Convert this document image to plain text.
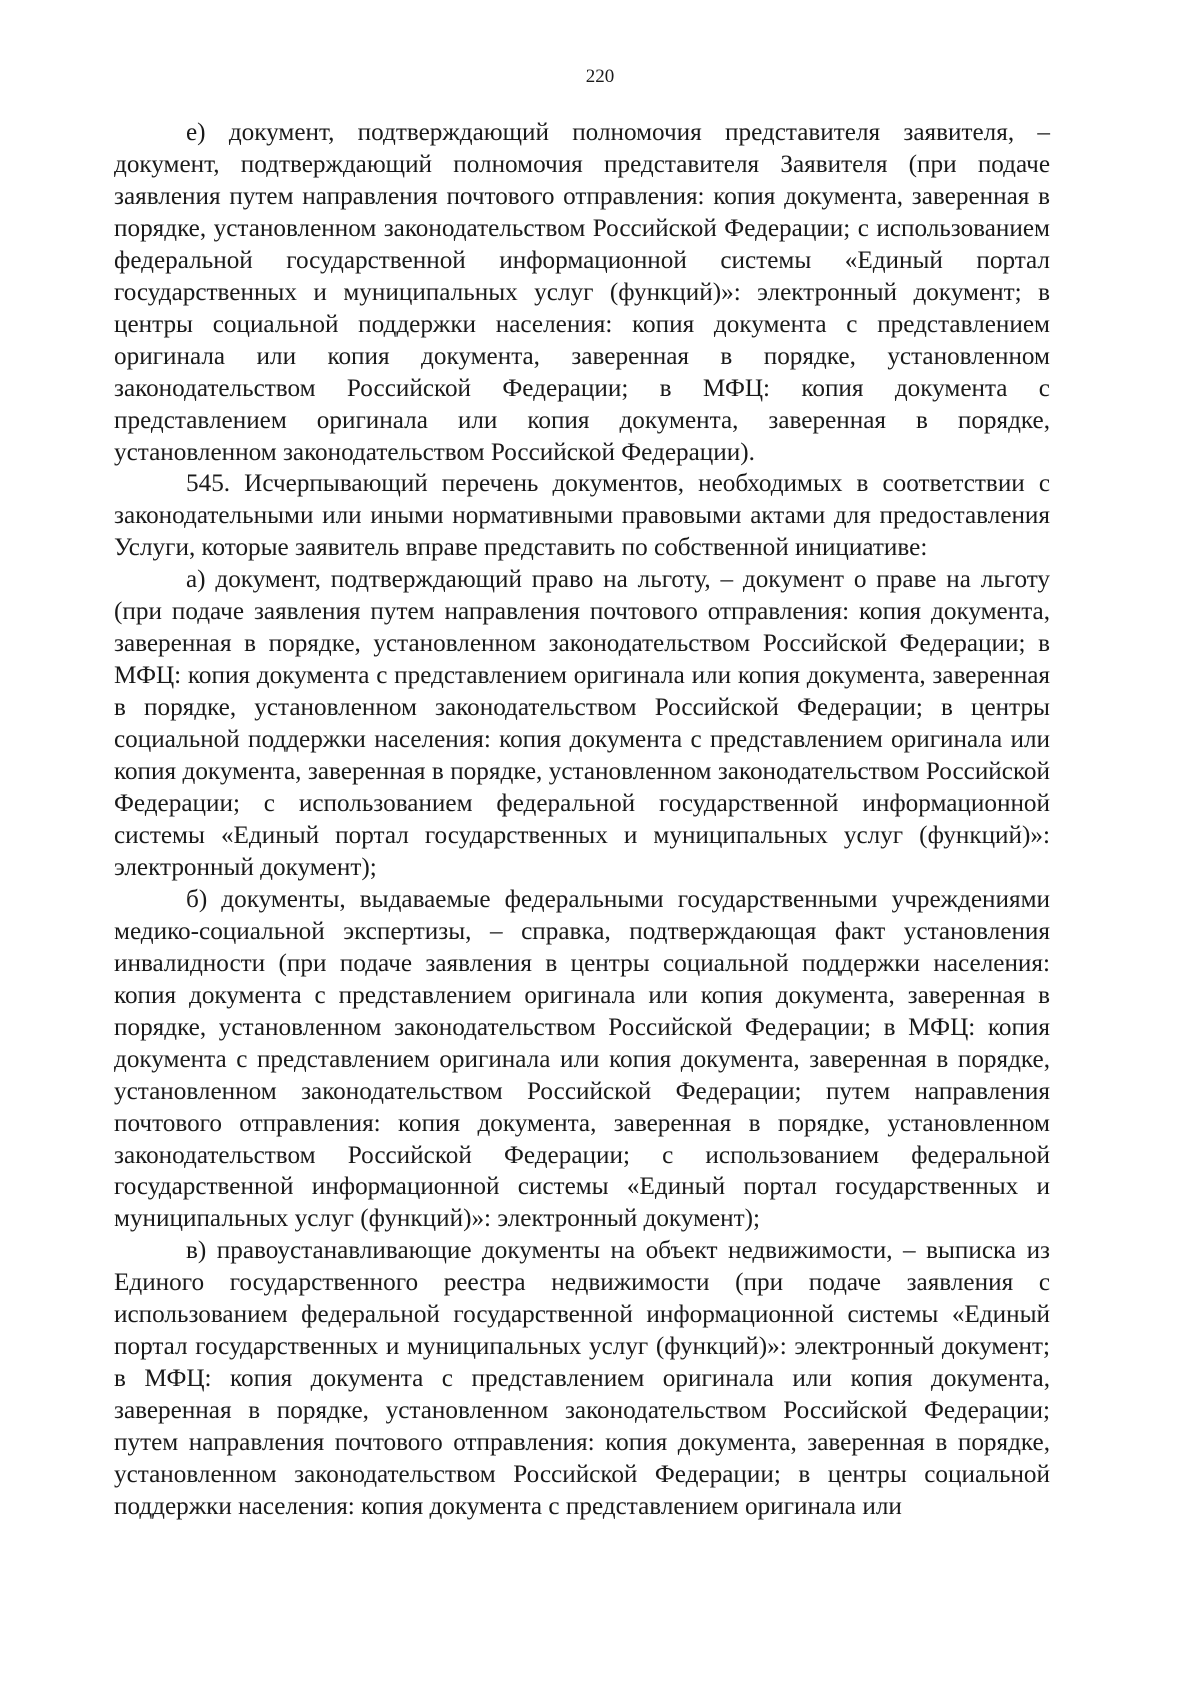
220

е) документ, подтверждающий полномочия представителя заявителя, – документ, подтверждающий полномочия представителя Заявителя (при подаче заявления путем направления почтового отправления: копия документа, заверенная в порядке, установленном законодательством Российской Федерации; с использованием федеральной государственной информационной системы «Единый портал государственных и муниципальных услуг (функций)»: электронный документ; в центры социальной поддержки населения: копия документа с представлением оригинала или копия документа, заверенная в порядке, установленном законодательством Российской Федерации; в МФЦ: копия документа с представлением оригинала или копия документа, заверенная в порядке, установленном законодательством Российской Федерации).

545. Исчерпывающий перечень документов, необходимых в соответствии с законодательными или иными нормативными правовыми актами для предоставления Услуги, которые заявитель вправе представить по собственной инициативе:

а) документ, подтверждающий право на льготу, – документ о праве на льготу (при подаче заявления путем направления почтового отправления: копия документа, заверенная в порядке, установленном законодательством Российской Федерации; в МФЦ: копия документа с представлением оригинала или копия документа, заверенная в порядке, установленном законодательством Российской Федерации; в центры социальной поддержки населения: копия документа с представлением оригинала или копия документа, заверенная в порядке, установленном законодательством Российской Федерации; с использованием федеральной государственной информационной системы «Единый портал государственных и муниципальных услуг (функций)»: электронный документ);

б) документы, выдаваемые федеральными государственными учреждениями медико-социальной экспертизы, – справка, подтверждающая факт установления инвалидности (при подаче заявления в центры социальной поддержки населения: копия документа с представлением оригинала или копия документа, заверенная в порядке, установленном законодательством Российской Федерации; в МФЦ: копия документа с представлением оригинала или копия документа, заверенная в порядке, установленном законодательством Российской Федерации; путем направления почтового отправления: копия документа, заверенная в порядке, установленном законодательством Российской Федерации; с использованием федеральной государственной информационной системы «Единый портал государственных и муниципальных услуг (функций)»: электронный документ);

в) правоустанавливающие документы на объект недвижимости, – выписка из Единого государственного реестра недвижимости (при подаче заявления с использованием федеральной государственной информационной системы «Единый портал государственных и муниципальных услуг (функций)»: электронный документ; в МФЦ: копия документа с представлением оригинала или копия документа, заверенная в порядке, установленном законодательством Российской Федерации; путем направления почтового отправления: копия документа, заверенная в порядке, установленном законодательством Российской Федерации; в центры социальной поддержки населения: копия документа с представлением оригинала или
